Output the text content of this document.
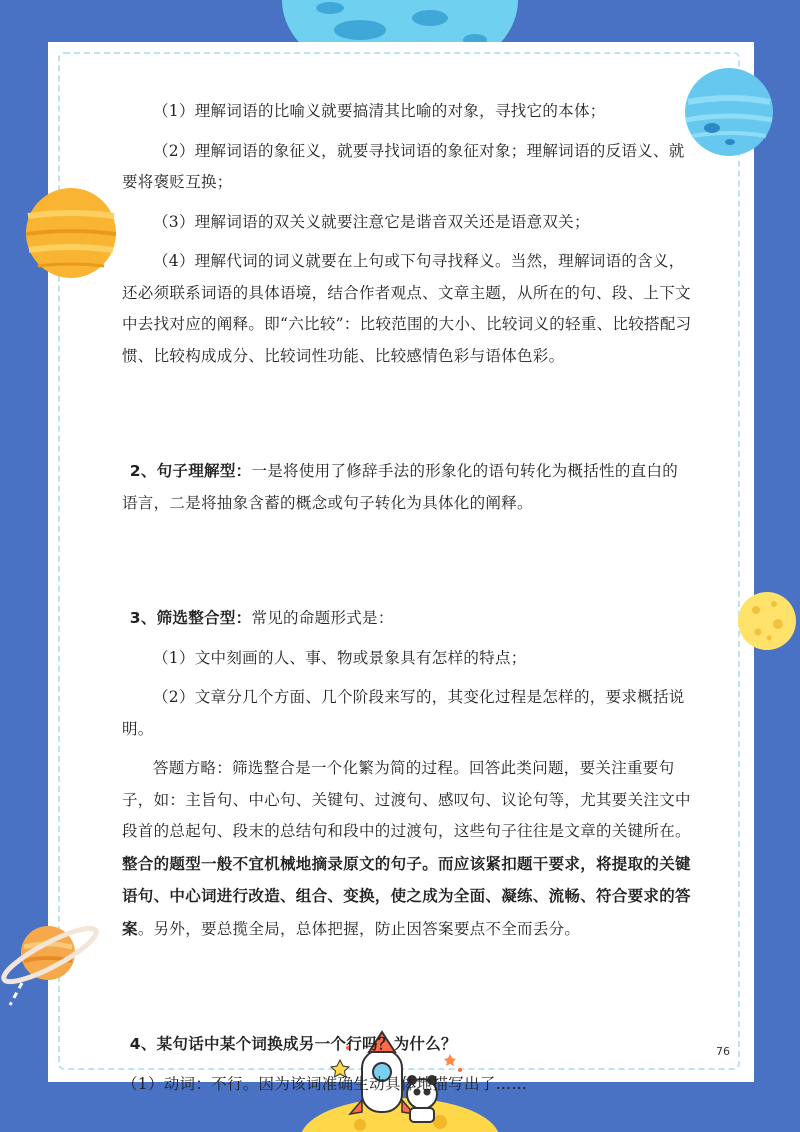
（1）理解词语的比喻义就要搞清其比喻的对象，寻找它的本体；

（2）理解词语的象征义，就要寻找词语的象征对象；理解词语的反语义、就要将褒贬互换；

（3）理解词语的双关义就要注意它是谐音双关还是语意双关；

（4）理解代词的词义就要在上句或下句寻找释义。当然，理解词语的含义，还必须联系词语的具体语境，结合作者观点、文章主题，从所在的句、段、上下文中去找对应的阐释。即“六比较”：比较范围的大小、比较词义的轻重、比较搭配习惯、比较构成成分、比较词性功能、比较感情色彩与语体色彩。

2、句子理解型：一是将使用了修辞手法的形象化的语句转化为概括性的直白的语言，二是将抽象含蓄的概念或句子转化为具体化的阐释。

3、筛选整合型：常见的命题形式是：

（1）文中刻画的人、事、物或景象具有怎样的特点；

（2）文章分几个方面、几个阶段来写的，其变化过程是怎样的，要求概括说明。

答题方略：筛选整合是一个化繁为简的过程。回答此类问题，要关注重要句子，如：主旨句、中心句、关键句、过渡句、感叹句、议论句等，尤其要关注文中段首的总起句、段末的总结句和段中的过渡句，这些句子往往是文章的关键所在。整合的题型一般不宜机械地摘录原文的句子。而应该紧扣题干要求，将提取的关键语句、中心词进行改造、组合、变换，使之成为全面、凝练、流畅、符合要求的答案。另外，要总揽全局，总体把握，防止因答案要点不全而丢分。

4、某句话中某个词换成另一个行吗？为什么？

（1）动词：不行。因为该词准确生动具体地描写出了……

76
